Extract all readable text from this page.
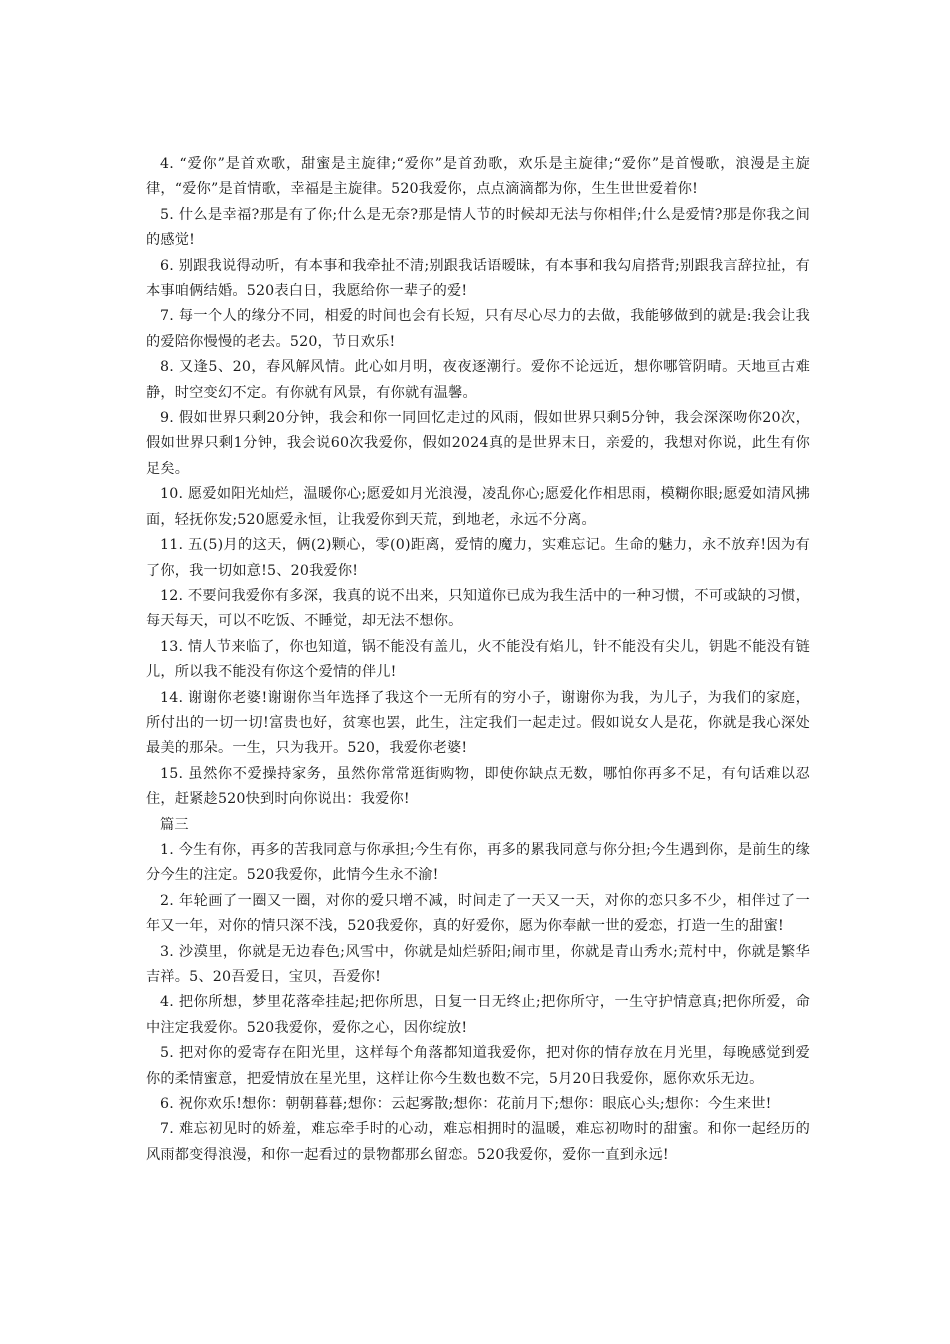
4. “爱你”是首欢歌，甜蜜是主旋律;“爱你”是首劲歌，欢乐是主旋律;“爱你”是首慢歌，浪漫是主旋律，“爱你”是首情歌，幸福是主旋律。520我爱你，点点滴滴都为你，生生世世爱着你!

5. 什么是幸福?那是有了你;什么是无奈?那是情人节的时候却无法与你相伴;什么是爱情?那是你我之间的感觉!

6. 别跟我说得动听，有本事和我牵扯不清;别跟我话语暧昧，有本事和我勾肩搭背;别跟我言辞拉扯，有本事咱俩结婚。520表白日，我愿给你一辈子的爱!

7. 每一个人的缘分不同，相爱的时间也会有长短，只有尽心尽力的去做，我能够做到的就是:我会让我的爱陪你慢慢的老去。520，节日欢乐!

8. 又逢5、20，春风解风情。此心如月明，夜夜逐潮行。爱你不论远近，想你哪管阴晴。天地亘古难静，时空变幻不定。有你就有风景，有你就有温馨。

9. 假如世界只剩20分钟，我会和你一同回忆走过的风雨，假如世界只剩5分钟，我会深深吻你20次，假如世界只剩1分钟，我会说60次我爱你，假如2024真的是世界末日，亲爱的，我想对你说，此生有你足矣。

10. 愿爱如阳光灿烂，温暖你心;愿爱如月光浪漫，凌乱你心;愿爱化作相思雨，模糊你眼;愿爱如清风拂面，轻抚你发;520愿爱永恒，让我爱你到天荒，到地老，永远不分离。

11. 五(5)月的这天，俩(2)颗心，零(0)距离，爱情的魔力，实难忘记。生命的魅力，永不放弃!因为有了你，我一切如意!5、20我爱你!

12. 不要问我爱你有多深，我真的说不出来，只知道你已成为我生活中的一种习惯，不可或缺的习惯，每天每天，可以不吃饭、不睡觉，却无法不想你。

13. 情人节来临了，你也知道，锅不能没有盖儿，火不能没有焰儿，针不能没有尖儿，钥匙不能没有链儿，所以我不能没有你这个爱情的伴儿!

14. 谢谢你老婆!谢谢你当年选择了我这个一无所有的穷小子，谢谢你为我，为儿子，为我们的家庭，所付出的一切一切!富贵也好，贫寒也罢，此生，注定我们一起走过。假如说女人是花，你就是我心深处最美的那朵。一生，只为我开。520，我爱你老婆!

15. 虽然你不爱操持家务，虽然你常常逛街购物，即使你缺点无数，哪怕你再多不足，有句话难以忍住，赶紧趁520快到时向你说出：我爱你!

篇三

1. 今生有你，再多的苦我同意与你承担;今生有你，再多的累我同意与你分担;今生遇到你，是前生的缘分今生的注定。520我爱你，此情今生永不渝!

2. 年轮画了一圈又一圈，对你的爱只增不减，时间走了一天又一天，对你的恋只多不少，相伴过了一年又一年，对你的情只深不浅，520我爱你，真的好爱你，愿为你奉献一世的爱恋，打造一生的甜蜜!

3. 沙漠里，你就是无边春色;风雪中，你就是灿烂骄阳;闹市里，你就是青山秀水;荒村中，你就是繁华吉祥。5、20吾爱日，宝贝，吾爱你!

4. 把你所想，梦里花落牵挂起;把你所思，日复一日无终止;把你所守，一生守护情意真;把你所爱，命中注定我爱你。520我爱你，爱你之心，因你绽放!

5. 把对你的爱寄存在阳光里，这样每个角落都知道我爱你，把对你的情存放在月光里，每晚感觉到爱你的柔情蜜意，把爱情放在星光里，这样让你今生数也数不完，5月20日我爱你，愿你欢乐无边。

6. 祝你欢乐!想你：朝朝暮暮;想你：云起雾散;想你：花前月下;想你：眼底心头;想你：今生来世!

7. 难忘初见时的娇羞，难忘牵手时的心动，难忘相拥时的温暖，难忘初吻时的甜蜜。和你一起经历的风雨都变得浪漫，和你一起看过的景物都那幺留恋。520我爱你，爱你一直到永远!
